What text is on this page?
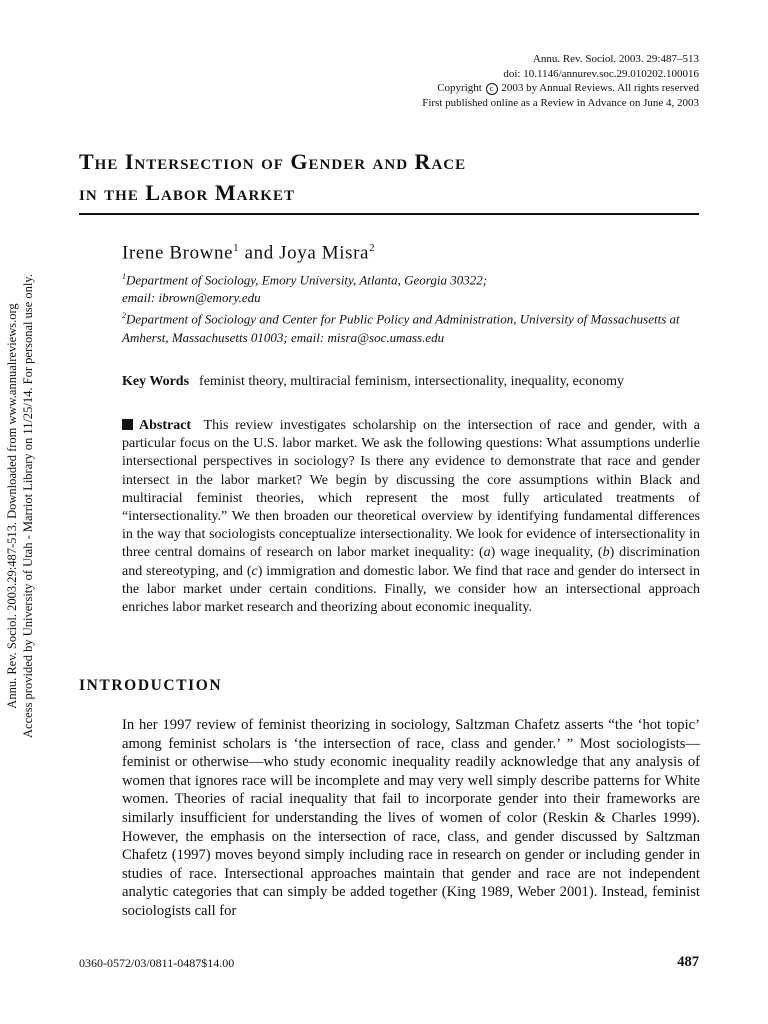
Annu. Rev. Sociol. 2003. 29:487–513
doi: 10.1146/annurev.soc.29.010202.100016
Copyright c 2003 by Annual Reviews. All rights reserved
First published online as a Review in Advance on June 4, 2003
The Intersection of Gender and Race
in the Labor Market
Irene Browne$^1$ and Joya Misra$^2$
$^1$Department of Sociology, Emory University, Atlanta, Georgia 30322;
email: ibrown@emory.edu
$^2$Department of Sociology and Center for Public Policy and Administration, University of Massachusetts at Amherst, Massachusetts 01003; email: misra@soc.umass.edu
Key Words feminist theory, multiracial feminism, intersectionality, inequality, economy
Abstract This review investigates scholarship on the intersection of race and gender, with a particular focus on the U.S. labor market. We ask the following questions: What assumptions underlie intersectional perspectives in sociology? Is there any evidence to demonstrate that race and gender intersect in the labor market? We begin by discussing the core assumptions within Black and multiracial feminist theories, which represent the most fully articulated treatments of “intersectionality.” We then broaden our theoretical overview by identifying fundamental differences in the way that sociologists conceptualize intersectionality. We look for evidence of intersectionality in three central domains of research on labor market inequality: (a) wage inequality, (b) discrimination and stereotyping, and (c) immigration and domestic labor. We find that race and gender do intersect in the labor market under certain conditions. Finally, we consider how an intersectional approach enriches labor market research and theorizing about economic inequality.
INTRODUCTION
In her 1997 review of feminist theorizing in sociology, Saltzman Chafetz asserts “the ‘hot topic’ among feminist scholars is ‘the intersection of race, class and gender.’ ” Most sociologists—feminist or otherwise—who study economic inequality readily acknowledge that any analysis of women that ignores race will be incomplete and may very well simply describe patterns for White women. Theories of racial inequality that fail to incorporate gender into their frameworks are similarly insufficient for understanding the lives of women of color (Reskin & Charles 1999). However, the emphasis on the intersection of race, class, and gender discussed by Saltzman Chafetz (1997) moves beyond simply including race in research on gender or including gender in studies of race. Intersectional approaches maintain that gender and race are not independent analytic categories that can simply be added together (King 1989, Weber 2001). Instead, feminist sociologists call for
0360-0572/03/0811-0487$14.00	487
Annu. Rev. Sociol. 2003.29:487-513. Downloaded from www.annualreviews.org Access provided by University of Utah - Marriot Library on 11/25/14. For personal use only.
